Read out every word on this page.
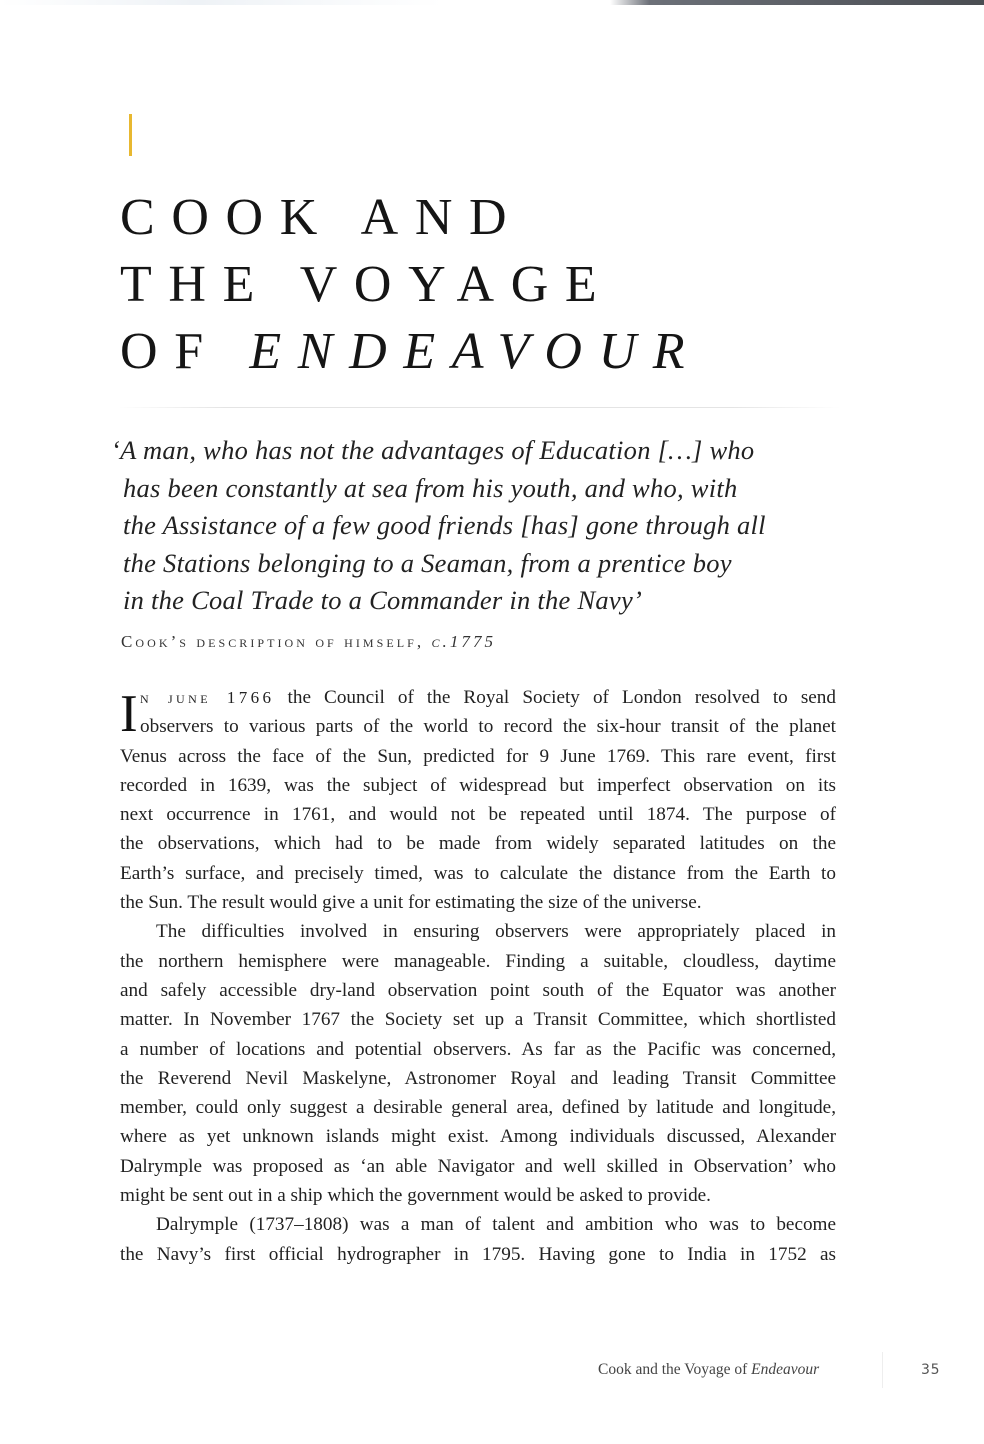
COOK AND
THE VOYAGE
OF ENDEAVOUR
‘A man, who has not the advantages of Education […] who
has been constantly at sea from his youth, and who, with
the Assistance of a few good friends [has] gone through all
the Stations belonging to a Seaman, from a prentice boy
in the Coal Trade to a Commander in the Navy’
Cook’s description of himself, c.1775
I n june 1766 the Council of the Royal Society of London resolved to send
observers to various parts of the world to record the six-hour transit of the planet
Venus across the face of the Sun, predicted for 9 June 1769. This rare event, first
recorded in 1639, was the subject of widespread but imperfect observation on its
next occurrence in 1761, and would not be repeated until 1874. The purpose of
the observations, which had to be made from widely separated latitudes on the
Earth’s surface, and precisely timed, was to calculate the distance from the Earth to
the Sun. The result would give a unit for estimating the size of the universe.
The difficulties involved in ensuring observers were appropriately placed in
the northern hemisphere were manageable. Finding a suitable, cloudless, daytime
and safely accessible dry-land observation point south of the Equator was another
matter. In November 1767 the Society set up a Transit Committee, which shortlisted
a number of locations and potential observers. As far as the Pacific was concerned,
the Reverend Nevil Maskelyne, Astronomer Royal and leading Transit Committee
member, could only suggest a desirable general area, defined by latitude and longitude,
where as yet unknown islands might exist. Among individuals discussed, Alexander
Dalrymple was proposed as ‘an able Navigator and well skilled in Observation’ who
might be sent out in a ship which the government would be asked to provide.
Dalrymple (1737–1808) was a man of talent and ambition who was to become
the Navy’s first official hydrographer in 1795. Having gone to India in 1752 as
Cook and the Voyage of Endeavour	35
